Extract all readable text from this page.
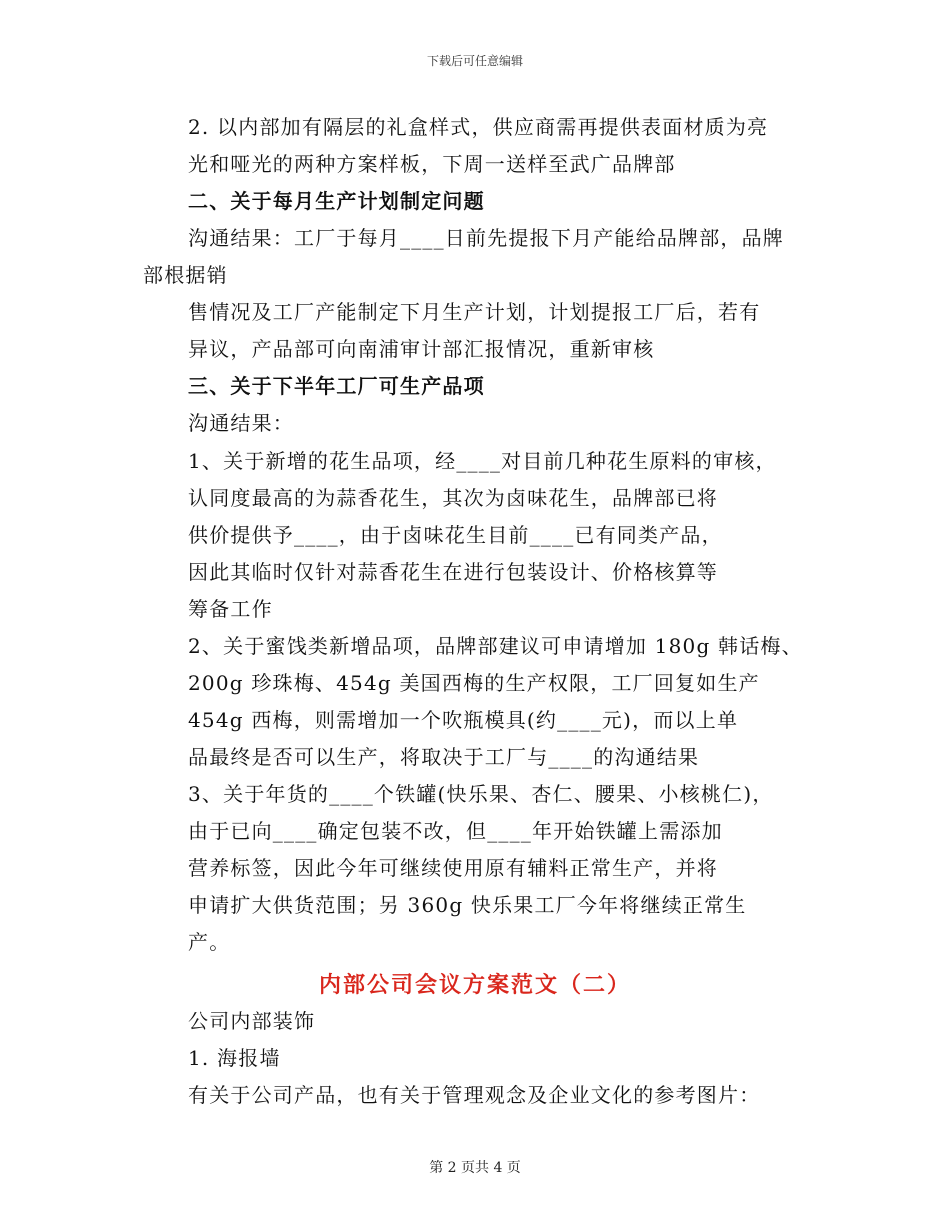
下载后可任意编辑
2. 以内部加有隔层的礼盒样式，供应商需再提供表面材质为亮
光和哑光的两种方案样板，下周一送样至武广品牌部
二、关于每月生产计划制定问题
沟通结果：工厂于每月____日前先提报下月产能给品牌部，品牌
部根据销
售情况及工厂产能制定下月生产计划，计划提报工厂后，若有
异议，产品部可向南浦审计部汇报情况，重新审核
三、关于下半年工厂可生产品项
沟通结果：
1、关于新增的花生品项，经____对目前几种花生原料的审核，
认同度最高的为蒜香花生，其次为卤味花生，品牌部已将
供价提供予____，由于卤味花生目前____已有同类产品，
因此其临时仅针对蒜香花生在进行包装设计、价格核算等
筹备工作
2、关于蜜饯类新增品项，品牌部建议可申请增加 180g 韩话梅、
200g 珍珠梅、454g 美国西梅的生产权限，工厂回复如生产
454g 西梅，则需增加一个吹瓶模具(约____元)，而以上单
品最终是否可以生产，将取决于工厂与____的沟通结果
3、关于年货的____个铁罐(快乐果、杏仁、腰果、小核桃仁)，
由于已向____确定包装不改，但____年开始铁罐上需添加
营养标签，因此今年可继续使用原有辅料正常生产，并将
申请扩大供货范围；另 360g 快乐果工厂今年将继续正常生
产。
内部公司会议方案范文（二）
公司内部装饰
1. 海报墙
有关于公司产品，也有关于管理观念及企业文化的参考图片：
第 2 页共 4 页
